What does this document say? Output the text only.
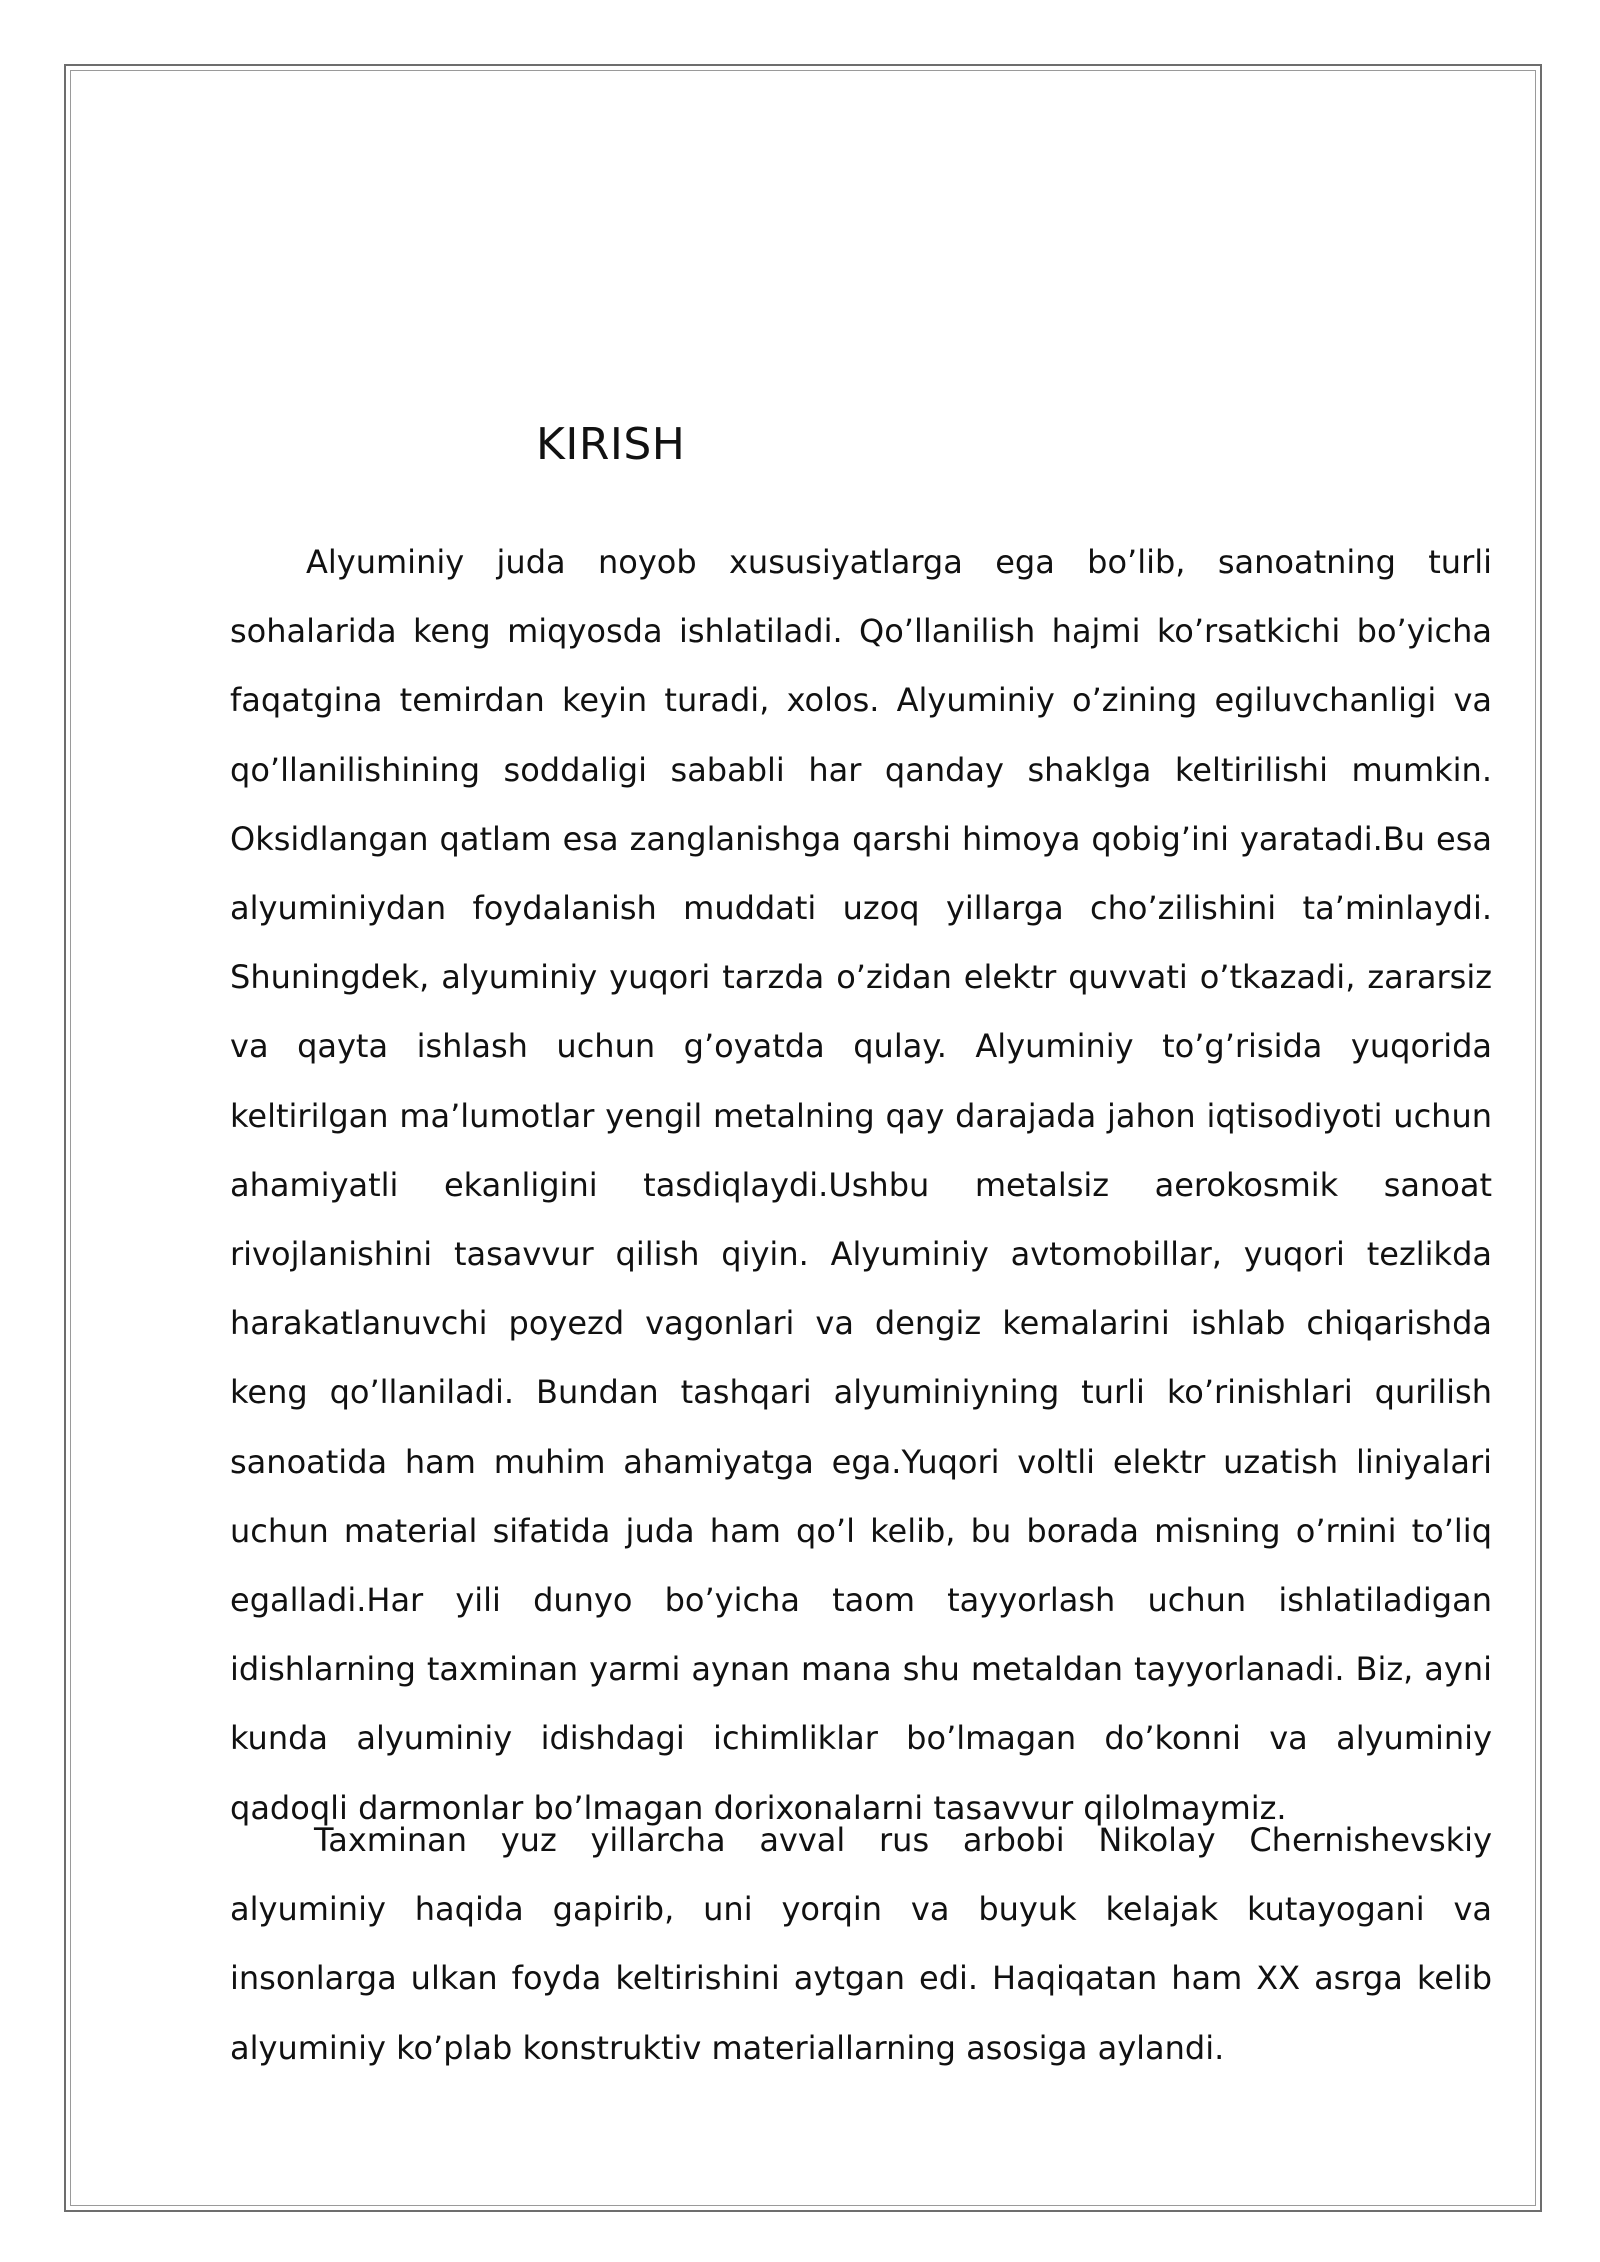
KIRISH

Alyuminiy juda noyob xususiyatlarga ega bo’lib, sanoatning turli sohalarida keng miqyosda ishlatiladi. Qo’llanilish hajmi ko’rsatkichi bo’yicha faqatgina temirdan keyin turadi, xolos. Alyuminiy o’zining egiluvchanligi va qo’llanilishining soddaligi sababli har qanday shaklga keltirilishi mumkin. Oksidlangan qatlam esa zanglanishga qarshi himoya qobig’ini yaratadi.Bu esa alyuminiydan foydalanish muddati uzoq yillarga cho’zilishini ta’minlaydi. Shuningdek, alyuminiy yuqori tarzda o’zidan elektr quvvati o’tkazadi, zararsiz va qayta ishlash uchun g’oyatda qulay. Alyuminiy to’g’risida yuqorida keltirilgan ma’lumotlar yengil metalning qay darajada jahon iqtisodiyoti uchun ahamiyatli ekanligini tasdiqlaydi.Ushbu metalsiz aerokosmik sanoat rivojlanishini tasavvur qilish qiyin. Alyuminiy avtomobillar, yuqori tezlikda harakatlanuvchi poyezd vagonlari va dengiz kemalarini ishlab chiqarishda keng qo’llaniladi. Bundan tashqari alyuminiyning turli ko’rinishlari qurilish sanoatida ham muhim ahamiyatga ega.Yuqori voltli elektr uzatish liniyalari uchun material sifatida juda ham qo’l kelib, bu borada misning o’rnini to’liq egalladi.Har yili dunyo bo’yicha taom tayyorlash uchun ishlatiladigan idishlarning taxminan yarmi aynan mana shu metaldan tayyorlanadi. Biz, ayni kunda alyuminiy idishdagi ichimliklar bo’lmagan do’konni va alyuminiy qadoqli darmonlar bo’lmagan dorixonalarni tasavvur qilolmaymiz.

Taxminan yuz yillarcha avval rus arbobi Nikolay Chernishevskiy alyuminiy haqida gapirib, uni yorqin va buyuk kelajak kutayogani va insonlarga ulkan foyda keltirishini aytgan edi. Haqiqatan ham XX asrga kelib alyuminiy ko’plab konstruktiv materiallarning asosiga aylandi.
